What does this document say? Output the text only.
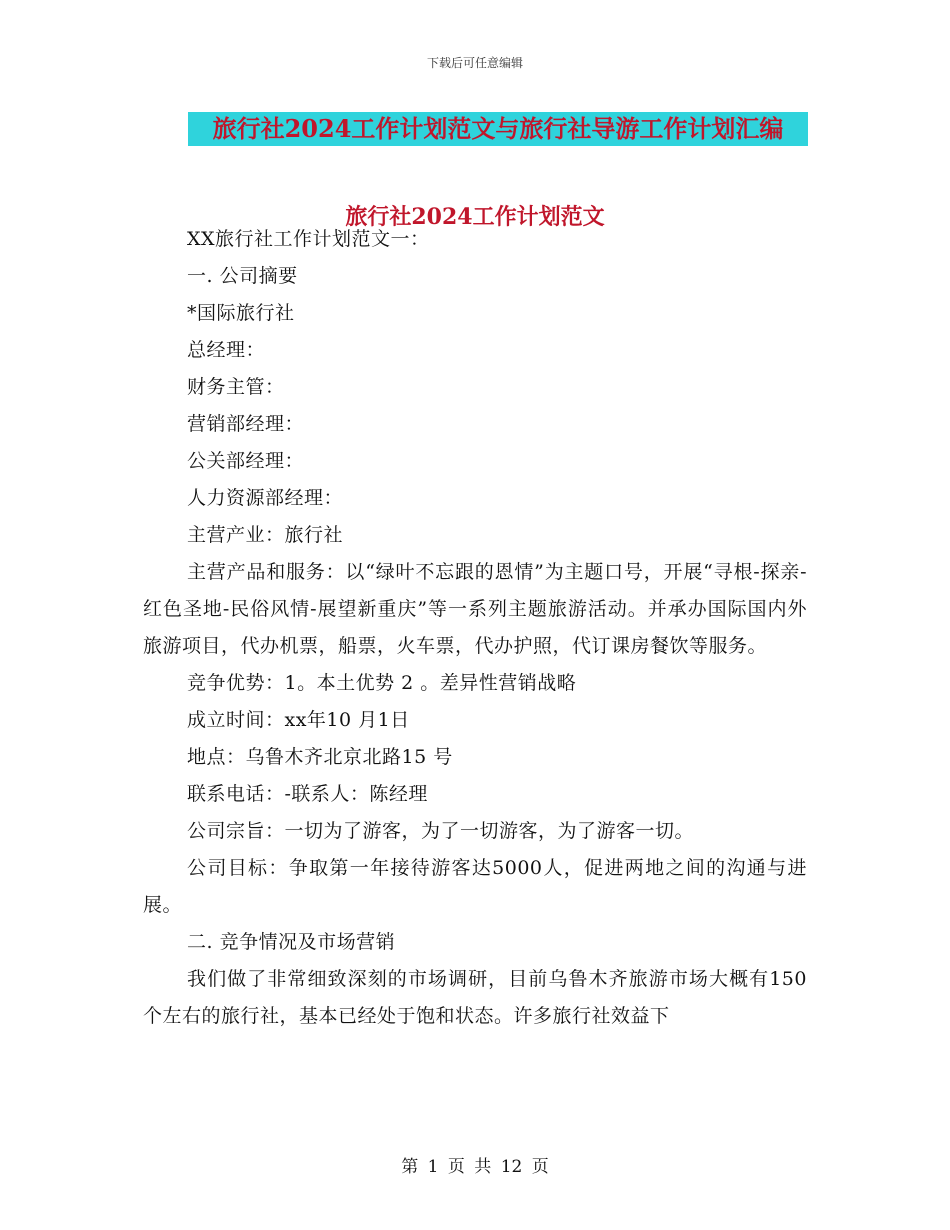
下载后可任意编辑
旅行社2024工作计划范文与旅行社导游工作计划汇编
旅行社2024工作计划范文

XX旅行社工作计划范文一：

一. 公司摘要

*国际旅行社

总经理：

财务主管：

营销部经理：

公关部经理：

人力资源部经理：

主营产业：旅行社

主营产品和服务：以“绿叶不忘跟的恩情”为主题口号，开展“寻根-探亲-红色圣地-民俗风情-展望新重庆”等一系列主题旅游活动。并承办国际国内外旅游项目，代办机票，船票，火车票，代办护照，代订课房餐饮等服务。

竞争优势：1。本土优势 2 。差异性营销战略

成立时间：xx年10 月1日

地点：乌鲁木齐北京北路15 号

联系电话：-联系人：陈经理

公司宗旨：一切为了游客，为了一切游客，为了游客一切。

公司目标：争取第一年接待游客达5000人，促进两地之间的沟通与进展。

二. 竞争情况及市场营销

我们做了非常细致深刻的市场调研，目前乌鲁木齐旅游市场大概有150 个左右的旅行社，基本已经处于饱和状态。许多旅行社效益下

第 1 页 共 12 页
